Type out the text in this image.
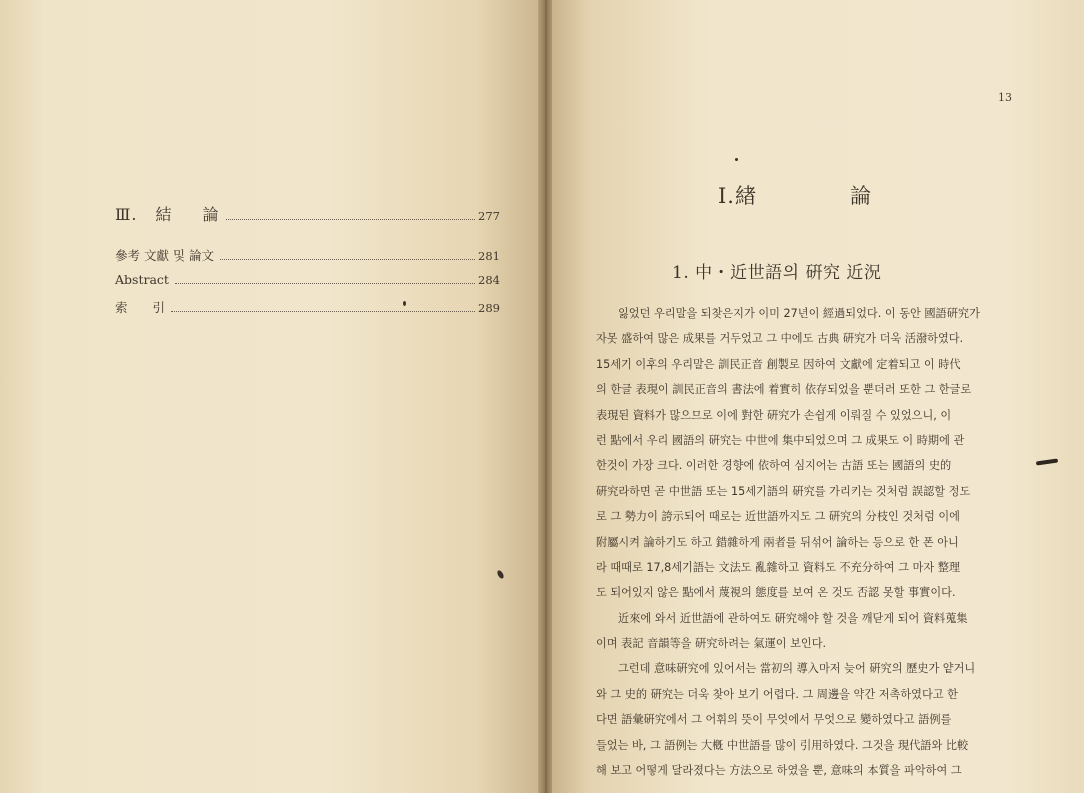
Ⅲ. 結 論	277
參考 文獻 및 論文	281
Abstract	284
索　　引	289
13
Ⅰ.緖	論
1. 中・近世語의 硏究 近況
잃었던 우리말을 되찾은지가 이미 27년이 經過되었다. 이 동안 國語硏究가
자못 盛하여 많은 成果를 거두었고 그 中에도 古典 硏究가 더욱 活潑하였다.
15세기 이후의 우리말은 訓民正音 創製로 因하여 文獻에 定着되고 이 時代
의 한글 表現이 訓民正音의 書法에 着實히 依存되었을 뿐더러 또한 그 한글로
表現된 資料가 많으므로 이에 對한 硏究가 손쉽게 이뤄질 수 있었으니, 이
런 點에서 우리 國語의 硏究는 中世에 集中되었으며 그 成果도 이 時期에 관
한것이 가장 크다. 이러한 경향에 依하여 심지어는 古語 또는 國語의 史的
硏究라하면 곧 中世語 또는 15세기語의 硏究를 가리키는 것처럼 誤認할 정도
로 그 勢力이 誇示되어 때로는 近世語까지도 그 硏究의 分枝인 것처럼 이에
附屬시켜 論하기도 하고 錯雜하게 兩者를 뒤섞어 論하는 등으로 한 폰 아니
라 때때로 17,8세기語는 文法도 亂雜하고 資料도 不充分하여 그 마자 整理
도 되어있지 않은 點에서 蔑視의 態度를 보여 온 것도 否認 못할 事實이다.
近來에 와서 近世語에 관하여도 硏究해야 할 것을 깨닫게 되어 資料蒐集
이며 表記 音韻等을 硏究하려는 氣運이 보인다.
그런데 意味硏究에 있어서는 當初의 導入마저 늦어 硏究의 歷史가 얕거니
와 그 史的 硏究는 더욱 찾아 보기 어렵다. 그 周邊을 약간 저촉하였다고 한
다면 語彙硏究에서 그 어휘의 뜻이 무엇에서 무엇으로 變하였다고 語例를
들었는 바, 그 語例는 大槪 中世語를 많이 引用하였다. 그것을 現代語와 比較
해 보고 어떻게 달라졌다는 方法으로 하였을 뿐, 意味의 本質을 파악하여 그
